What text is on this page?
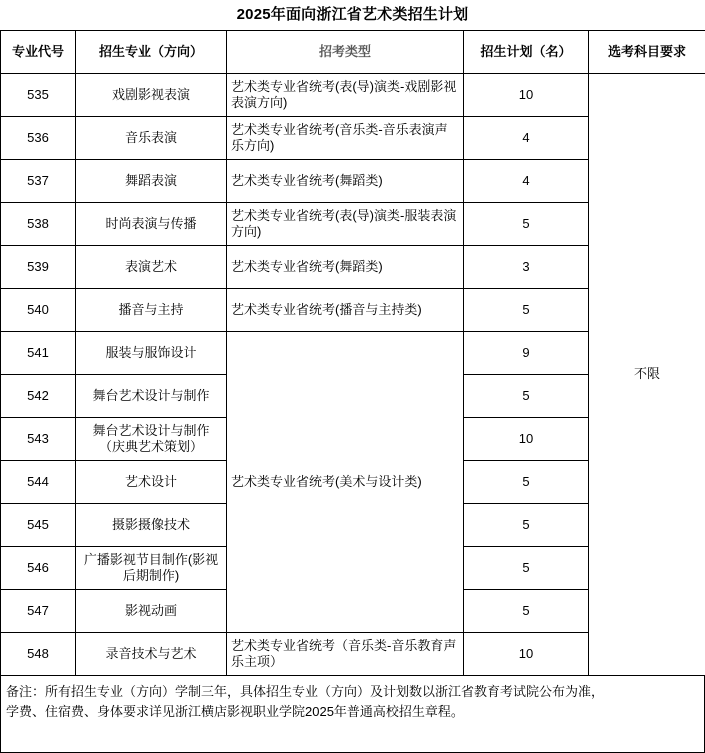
2025年面向浙江省艺术类招生计划
专业代号	招生专业（方向）	招考类型	招生计划（名）	选考科目要求
535	戏剧影视表演	艺术类专业省统考(表(导)演类-戏剧影视表演方向)	10	不限
536	音乐表演	艺术类专业省统考(音乐类-音乐表演声乐方向)	4	
537	舞蹈表演	艺术类专业省统考(舞蹈类)	4	
538	时尚表演与传播	艺术类专业省统考(表(导)演类-服装表演方向)	5	
539	表演艺术	艺术类专业省统考(舞蹈类)	3	
540	播音与主持	艺术类专业省统考(播音与主持类)	5	
541	服装与服饰设计	艺术类专业省统考(美术与设计类)	9	
542	舞台艺术设计与制作		5	
543	舞台艺术设计与制作（庆典艺术策划）		10	
544	艺术设计		5	
545	摄影摄像技术		5	
546	广播影视节目制作(影视后期制作)		5	
547	影视动画		5	
548	录音技术与艺术	艺术类专业省统考（音乐类-音乐教育声乐主项）	10	

备注：所有招生专业（方向）学制三年，具体招生专业（方向）及计划数以浙江省教育考试院公布为准，

学费、住宿费、身体要求详见浙江横店影视职业学院2025年普通高校招生章程。
